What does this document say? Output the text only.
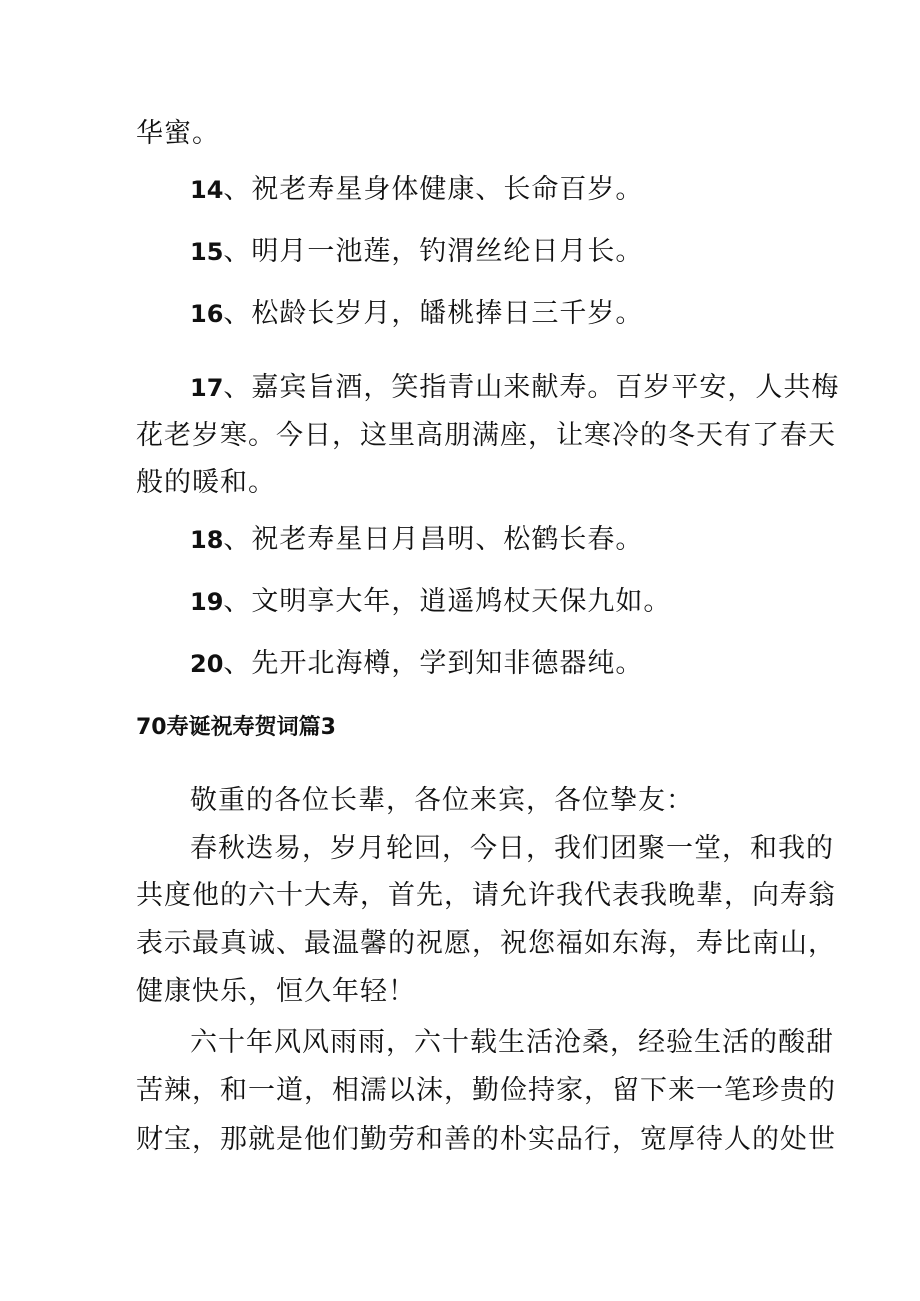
华蜜。
14、祝老寿星身体健康、长命百岁。
15、明月一池莲，钓渭丝纶日月长。
16、松龄长岁月，皤桃捧日三千岁。
17、嘉宾旨酒，笑指青山来献寿。百岁平安，人共梅
花老岁寒。今日，这里高朋满座，让寒冷的冬天有了春天
般的暖和。
18、祝老寿星日月昌明、松鹤长春。
19、文明享大年，逍遥鸠杖天保九如。
20、先开北海樽，学到知非德器纯。
70寿诞祝寿贺词篇3
敬重的各位长辈，各位来宾，各位挚友：
春秋迭易，岁月轮回，今日，我们团聚一堂，和我的
共度他的六十大寿，首先，请允许我代表我晚辈，向寿翁
表示最真诚、最温馨的祝愿，祝您福如东海，寿比南山，
健康快乐，恒久年轻！
六十年风风雨雨，六十载生活沧桑，经验生活的酸甜
苦辣，和一道，相濡以沫，勤俭持家，留下来一笔珍贵的
财宝，那就是他们勤劳和善的朴实品行，宽厚待人的处世
